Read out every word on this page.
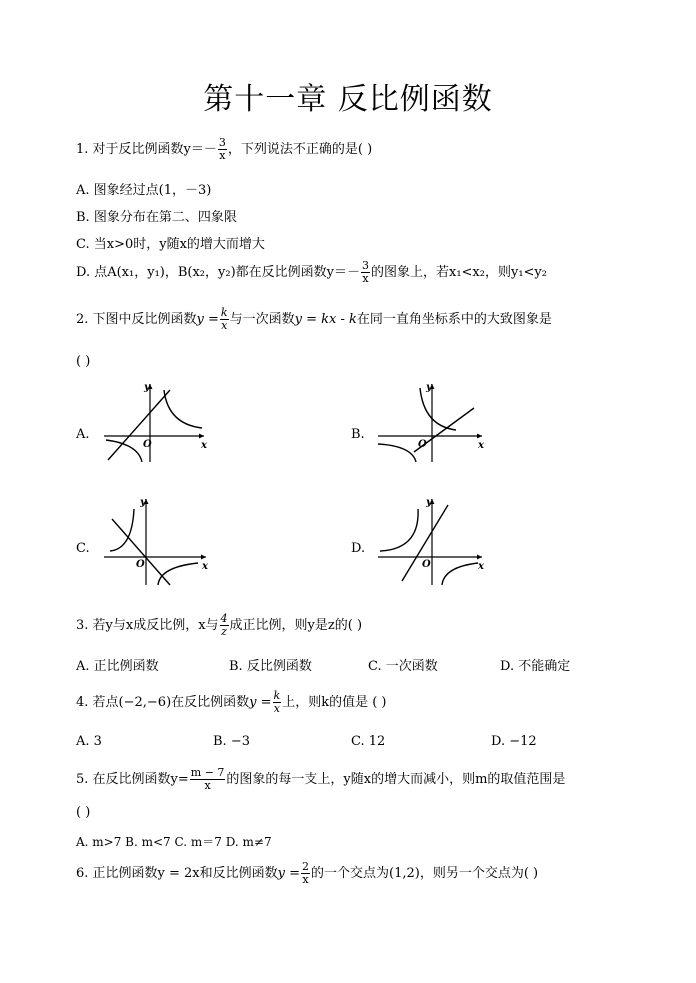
第十一章 反比例函数
1. 对于反比例函数$y=- \frac{3}{x}$ ，下列说法不正确的是( )
A. 图象经过点(1，－3)
B. 图象分布在第二、四象限
C. 当x>0时，y随x的增大而增大
D. 点A(x₁，y₁)，B(x₂，y₂)都在反比例函数$y=- \frac{3}{x}$ 的图象上，若x₁<x₂，则y₁<y₂
2. 下图中反比例函数$y = \frac{k}{x}$ 与一次函数y = kx - k在同一直角坐标系中的大致图象是
( )
A.
y
x
O
B.
y
x
O
C.
y
x
O
D.
y
x
O
3. 若y与x成反比例，x与 $\frac{4}{z}$ 成正比例，则y是z的( )
A. 正比例函数	B. 反比例函数	C. 一次函数	D. 不能确定
4. 若点(−2,−6)在反比例函数$y = \frac{k}{x}$ 上，则k的值是 ( )
A. 3	B. −3	C. 12	D. −12
5. 在反比例函数$y= \frac{m - 7}{x}$ 的图象的每一支上，y随x的增大而减小，则m的取值范围是
( )
A. m>7 B. m<7 C. m＝7 D. m≠7
6. 正比例函数y = 2x和反比例函数$y = \frac{2}{x}$ 的一个交点为(1,2)，则另一个交点为( )
